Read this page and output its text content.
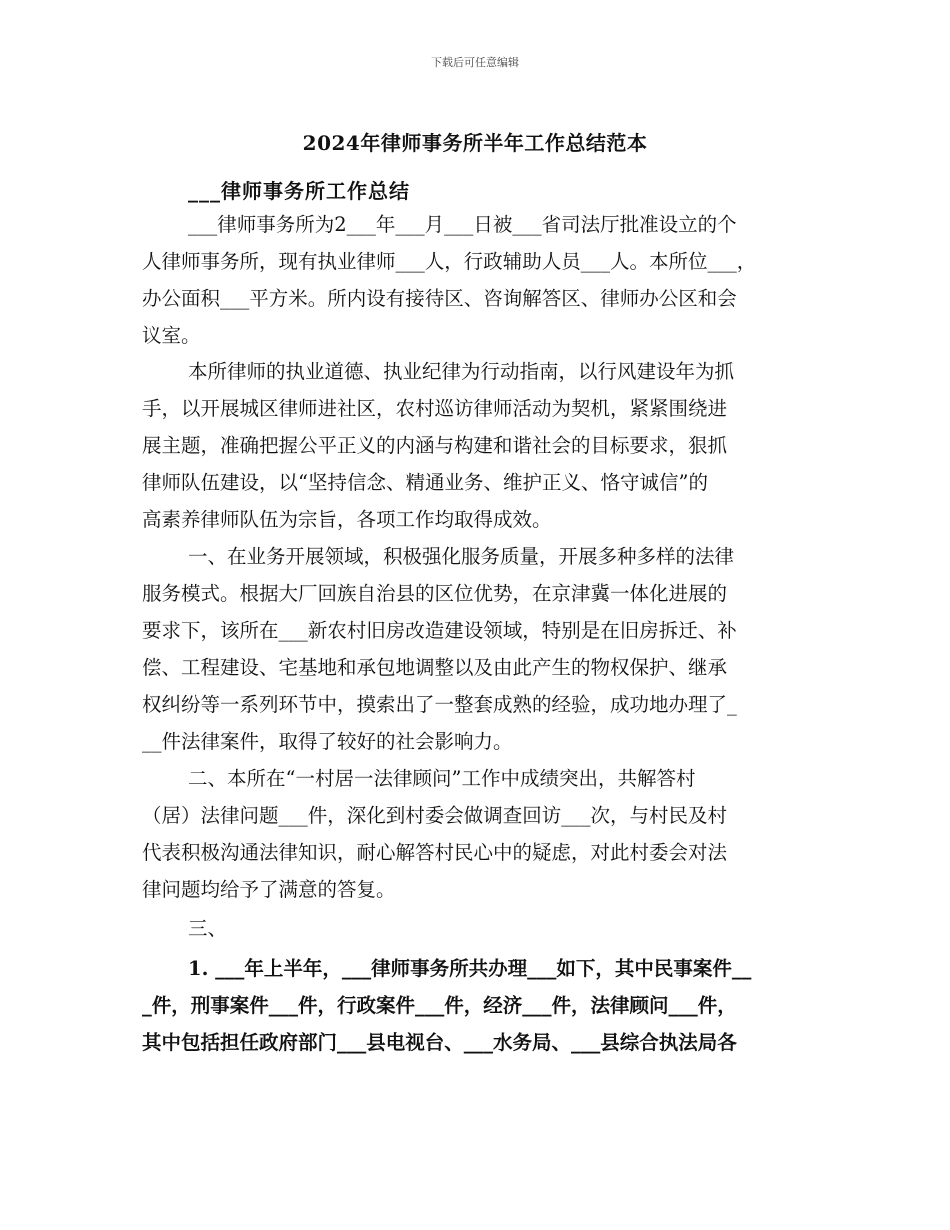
下载后可任意编辑
2024年律师事务所半年工作总结范本
___律师事务所工作总结
___律师事务所为2___年___月___日被___省司法厅批准设立的个
人律师事务所，现有执业律师___人，行政辅助人员___人。本所位___，
办公面积___平方米。所内设有接待区、咨询解答区、律师办公区和会
议室。
本所律师的执业道德、执业纪律为行动指南，以行风建设年为抓
手，以开展城区律师进社区，农村巡访律师活动为契机，紧紧围绕进
展主题，准确把握公平正义的内涵与构建和谐社会的目标要求，狠抓
律师队伍建设，以“坚持信念、精通业务、维护正义、恪守诚信”的
高素养律师队伍为宗旨，各项工作均取得成效。
一、在业务开展领域，积极强化服务质量，开展多种多样的法律
服务模式。根据大厂回族自治县的区位优势，在京津冀一体化进展的
要求下，该所在___新农村旧房改造建设领域，特别是在旧房拆迁、补
偿、工程建设、宅基地和承包地调整以及由此产生的物权保护、继承
权纠纷等一系列环节中，摸索出了一整套成熟的经验，成功地办理了_
__件法律案件，取得了较好的社会影响力。
二、本所在“一村居一法律顾问”工作中成绩突出，共解答村
（居）法律问题___件，深化到村委会做调查回访___次，与村民及村
代表积极沟通法律知识，耐心解答村民心中的疑虑，对此村委会对法
律问题均给予了满意的答复。
三、
1. ___年上半年，___律师事务所共办理___如下，其中民事案件__
_件，刑事案件___件，行政案件___件，经济___件，法律顾问___件，
其中包括担任政府部门___县电视台、___水务局、___县综合执法局各
